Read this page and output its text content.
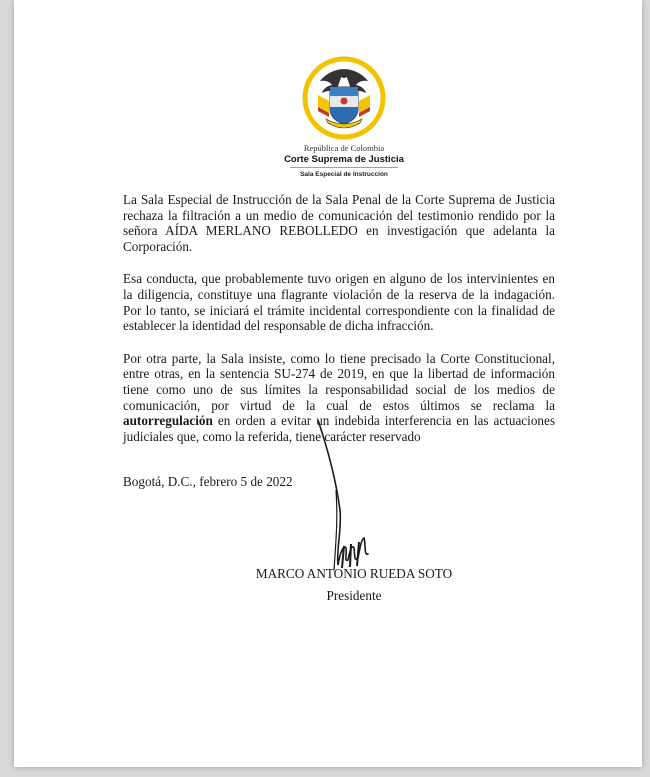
República de Colombia
Corte Suprema de Justicia
Sala Especial de Instrucción

La Sala Especial de Instrucción de la Sala Penal de la Corte Suprema de Justicia rechaza la filtración a un medio de comunicación del testimonio rendido por la señora AÍDA MERLANO REBOLLEDO en investigación que adelanta la Corporación.

Esa conducta, que probablemente tuvo origen en alguno de los intervinientes en la diligencia, constituye una flagrante violación de la reserva de la indagación. Por lo tanto, se iniciará el trámite incidental correspondiente con la finalidad de establecer la identidad del responsable de dicha infracción.

Por otra parte, la Sala insiste, como lo tiene precisado la Corte Constitucional, entre otras, en la sentencia SU-274 de 2019, en que la libertad de información tiene como uno de sus límites la responsabilidad social de los medios de comunicación, por virtud de la cual de estos últimos se reclama la autorregulación en orden a evitar un indebida interferencia en las actuaciones judiciales que, como la referida, tiene carácter reservado

Bogotá, D.C., febrero 5 de 2022
MARCO ANTONIO RUEDA SOTO
Presidente
